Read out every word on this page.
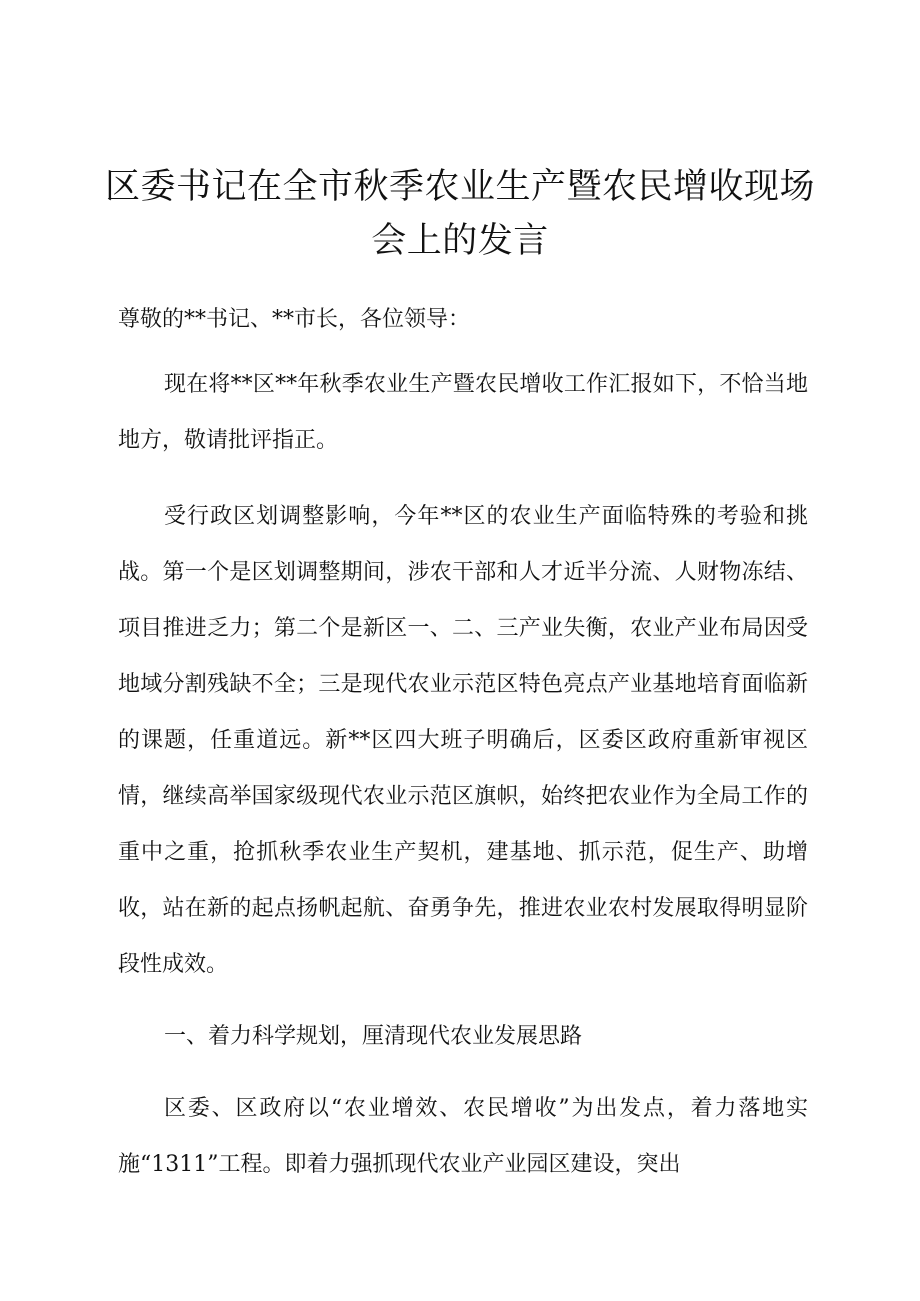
区委书记在全市秋季农业生产暨农民增收现场
会上的发言

尊敬的**书记、**市长，各位领导：

现在将**区**年秋季农业生产暨农民增收工作汇报如下，不恰当地地方，敬请批评指正。

受行政区划调整影响，今年**区的农业生产面临特殊的考验和挑战。第一个是区划调整期间，涉农干部和人才近半分流、人财物冻结、项目推进乏力；第二个是新区一、二、三产业失衡，农业产业布局因受地域分割残缺不全；三是现代农业示范区特色亮点产业基地培育面临新的课题，任重道远。新**区四大班子明确后，区委区政府重新审视区情，继续高举国家级现代农业示范区旗帜，始终把农业作为全局工作的重中之重，抢抓秋季农业生产契机，建基地、抓示范，促生产、助增收，站在新的起点扬帆起航、奋勇争先，推进农业农村发展取得明显阶段性成效。

一、着力科学规划，厘清现代农业发展思路

区委、区政府以“农业增效、农民增收”为出发点，着力落地实施“1311”工程。即着力强抓现代农业产业园区建设，突出
